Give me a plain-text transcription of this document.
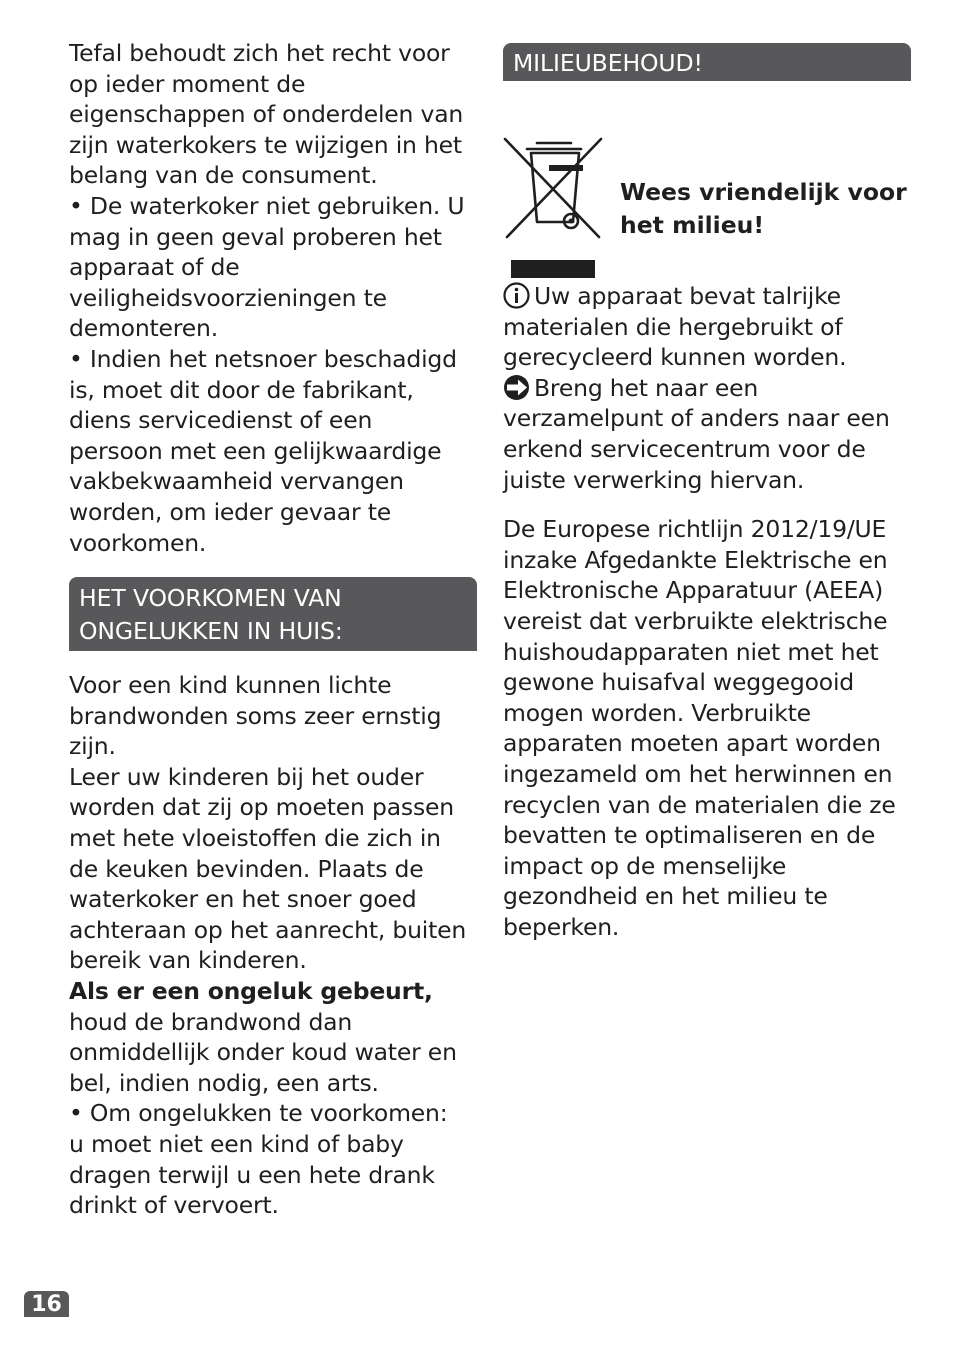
Tefal behoudt zich het recht voor op ieder moment de eigenschappen of onderdelen van zijn waterkokers te wijzigen in het belang van de consument.

• De waterkoker niet gebruiken. U mag in geen geval proberen het apparaat of de veiligheidsvoorzieningen te demonteren.

• Indien het netsnoer beschadigd is, moet dit door de fabrikant, diens servicedienst of een persoon met een gelijkwaardige vakbekwaamheid vervangen worden, om ieder gevaar te voorkomen.

HET VOORKOMEN VAN ONGELUKKEN IN HUIS:

Voor een kind kunnen lichte brandwonden soms zeer ernstig zijn.

Leer uw kinderen bij het ouder worden dat zij op moeten passen met hete vloeistoffen die zich in de keuken bevinden. Plaats de waterkoker en het snoer goed achteraan op het aanrecht, buiten bereik van kinderen.

Als er een ongeluk gebeurt, houd de brandwond dan onmiddellijk onder koud water en bel, indien nodig, een arts.

• Om ongelukken te voorkomen: u moet niet een kind of baby dragen terwijl u een hete drank drinkt of vervoert.

MILIEUBEHOUD!
Wees vriendelijk voor het milieu!

Uw apparaat bevat talrijke materialen die hergebruikt of gerecycleerd kunnen worden.

Breng het naar een verzamelpunt of anders naar een erkend servicecentrum voor de juiste verwerking hiervan.

De Europese richtlijn 2012/19/UE inzake Afgedankte Elektrische en Elektronische Apparatuur (AEEA) vereist dat verbruikte elektrische huishoudapparaten niet met het gewone huisafval weggegooid mogen worden. Verbruikte apparaten moeten apart worden ingezameld om het herwinnen en recyclen van de materialen die ze bevatten te optimaliseren en de impact op de menselijke gezondheid en het milieu te beperken.

16
